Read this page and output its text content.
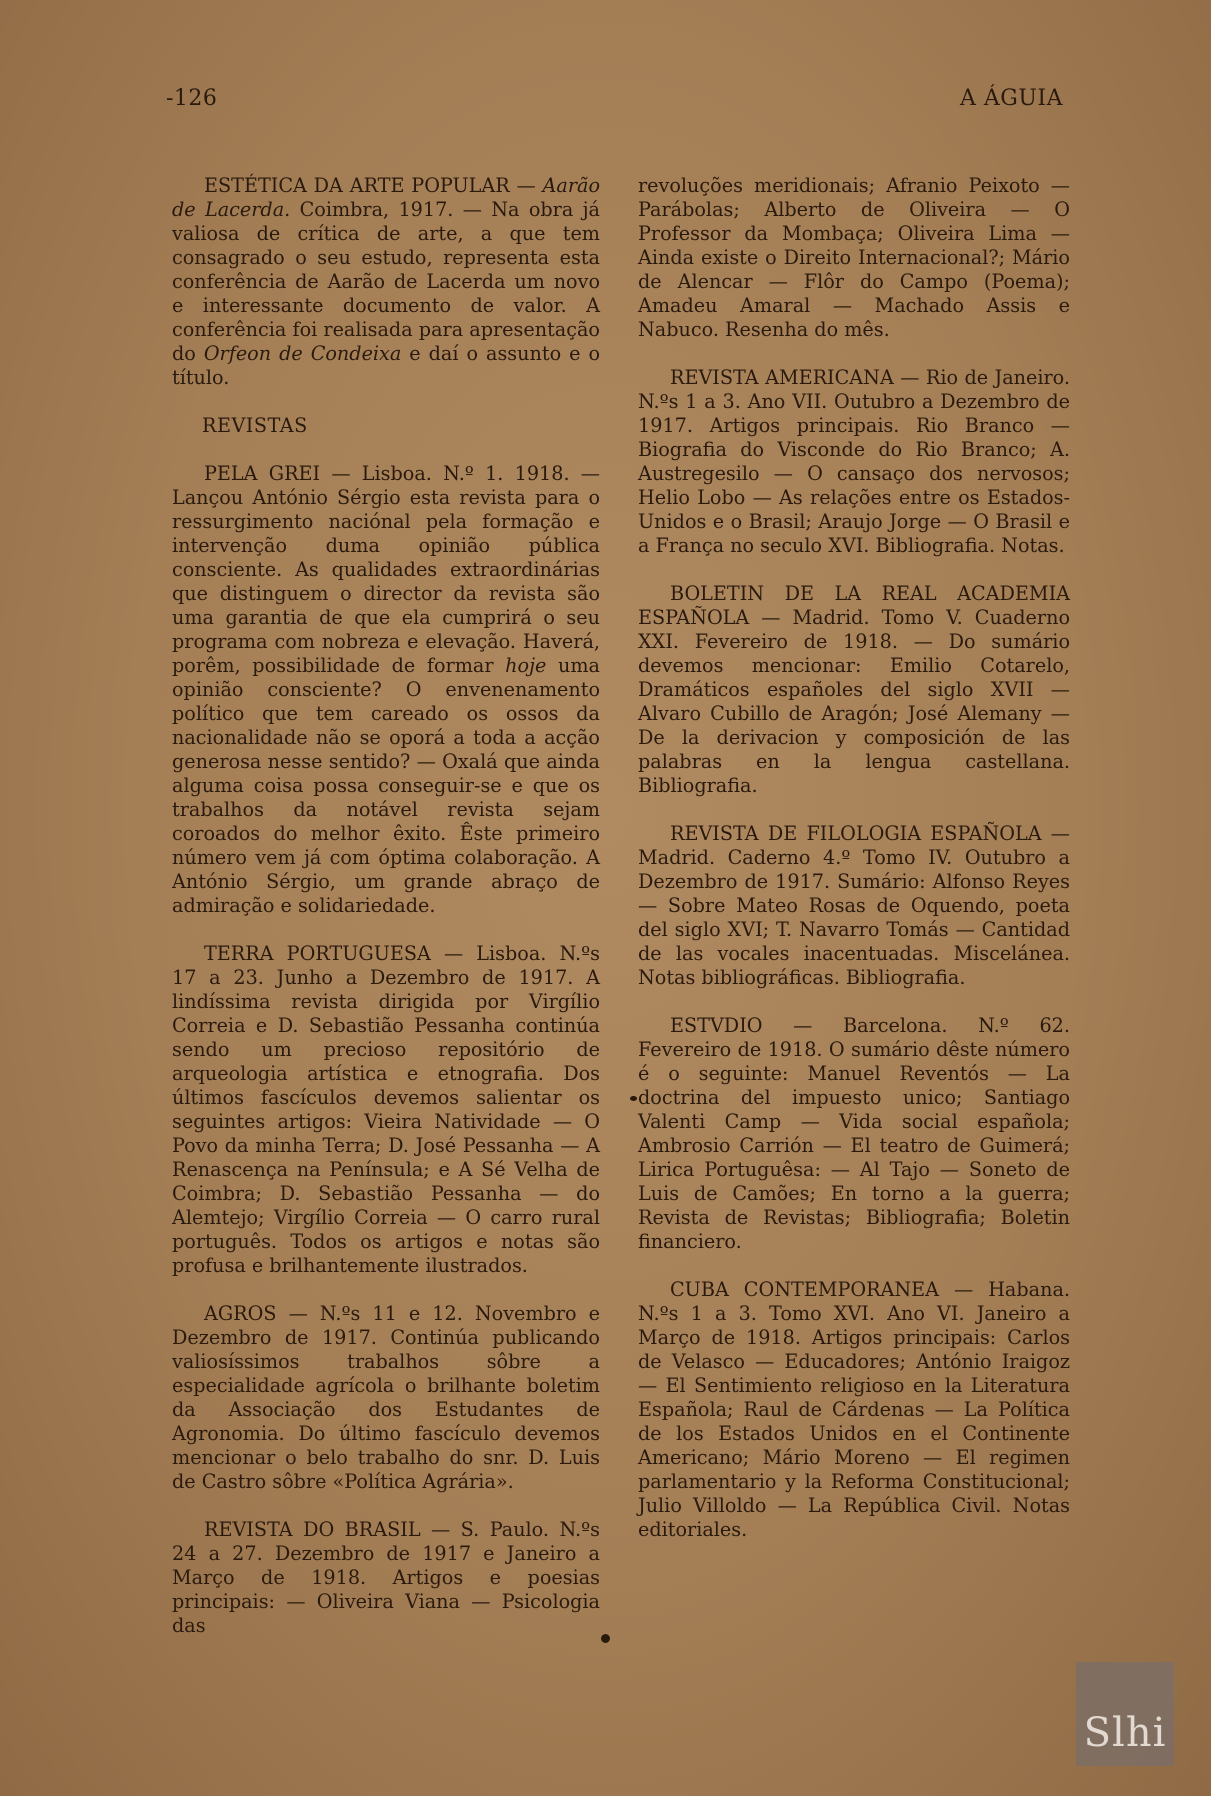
-126	A ÁGUIA

ESTÉTICA DA ARTE POPULAR — Aarão de Lacerda. Coimbra, 1917. — Na obra já valiosa de crítica de arte, a que tem consagrado o seu estudo, representa esta conferência de Aarão de Lacerda um novo e interessante documento de valor. A conferência foi realisada para apresentação do Orfeon de Condeixa e daí o assunto e o título.

REVISTAS

PELA GREI — Lisboa. N.º 1. 1918. — Lançou António Sérgio esta revista para o ressurgimento naciónal pela formação e intervenção duma opinião pública consciente. As qualidades extraordinárias que distinguem o director da revista são uma garantia de que ela cumprirá o seu programa com nobreza e elevação. Haverá, porêm, possibilidade de formar hoje uma opinião consciente? O envenenamento político que tem careado os ossos da nacionalidade não se oporá a toda a acção generosa nesse sentido? — Oxalá que ainda alguma coisa possa conseguir-se e que os trabalhos da notável revista sejam coroados do melhor êxito. Êste primeiro número vem já com óptima colaboração. A António Sérgio, um grande abraço de admiração e solidariedade.

TERRA PORTUGUESA — Lisboa. N.ºs 17 a 23. Junho a Dezembro de 1917. A lindíssima revista dirigida por Virgílio Correia e D. Sebastião Pessanha continúa sendo um precioso repositório de arqueologia artística e etnografia. Dos últimos fascículos devemos salientar os seguintes artigos: Vieira Natividade — O Povo da minha Terra; D. José Pessanha — A Renascença na Península; e A Sé Velha de Coimbra; D. Sebastião Pessanha — do Alemtejo; Virgílio Correia — O carro rural português. Todos os artigos e notas são profusa e brilhantemente ilustrados.

AGROS — N.ºs 11 e 12. Novembro e Dezembro de 1917. Continúa publicando valiosíssimos trabalhos sôbre a especialidade agrícola o brilhante boletim da Associação dos Estudantes de Agronomia. Do último fascículo devemos mencionar o belo trabalho do snr. D. Luis de Castro sôbre «Política Agrária».

REVISTA DO BRASIL — S. Paulo. N.ºs 24 a 27. Dezembro de 1917 e Janeiro a Março de 1918. Artigos e poesias principais: — Oliveira Viana — Psicologia das

revoluções meridionais; Afranio Peixoto — Parábolas; Alberto de Oliveira — O Professor da Mombaça; Oliveira Lima — Ainda existe o Direito Internacional?; Mário de Alencar — Flôr do Campo (Poema); Amadeu Amaral — Machado Assis e Nabuco. Resenha do mês.

REVISTA AMERICANA — Rio de Janeiro. N.ºs 1 a 3. Ano VII. Outubro a Dezembro de 1917. Artigos principais. Rio Branco — Biografia do Visconde do Rio Branco; A. Austregesilo — O cansaço dos nervosos; Helio Lobo — As relações entre os Estados-Unidos e o Brasil; Araujo Jorge — O Brasil e a França no seculo XVI. Bibliografia. Notas.

BOLETIN DE LA REAL ACADEMIA ESPAÑOLA — Madrid. Tomo V. Cuaderno XXI. Fevereiro de 1918. — Do sumário devemos mencionar: Emilio Cotarelo, Dramáticos españoles del siglo XVII — Alvaro Cubillo de Aragón; José Alemany — De la derivacion y composición de las palabras en la lengua castellana. Bibliografia.

REVISTA DE FILOLOGIA ESPAÑOLA — Madrid. Caderno 4.º Tomo IV. Outubro a Dezembro de 1917. Sumário: Alfonso Reyes — Sobre Mateo Rosas de Oquendo, poeta del siglo XVI; T. Navarro Tomás — Cantidad de las vocales inacentuadas. Miscelánea. Notas bibliográficas. Bibliografia.

ESTVDIO — Barcelona. N.º 62. Fevereiro de 1918. O sumário dêste número é o seguinte: Manuel Reventós — La doctrina del impuesto unico; Santiago Valenti Camp — Vida social española; Ambrosio Carrión — El teatro de Guimerá; Lirica Portuguêsa: — Al Tajo — Soneto de Luis de Camões; En torno a la guerra; Revista de Revistas; Bibliografia; Boletin financiero.

CUBA CONTEMPORANEA — Habana. N.ºs 1 a 3. Tomo XVI. Ano VI. Janeiro a Março de 1918. Artigos principais: Carlos de Velasco — Educadores; António Iraigoz — El Sentimiento religioso en la Literatura Española; Raul de Cárdenas — La Política de los Estados Unidos en el Continente Americano; Mário Moreno — El regimen parlamentario y la Reforma Constitucional; Julio Villoldo — La República Civil. Notas editoriales.

Slhi
